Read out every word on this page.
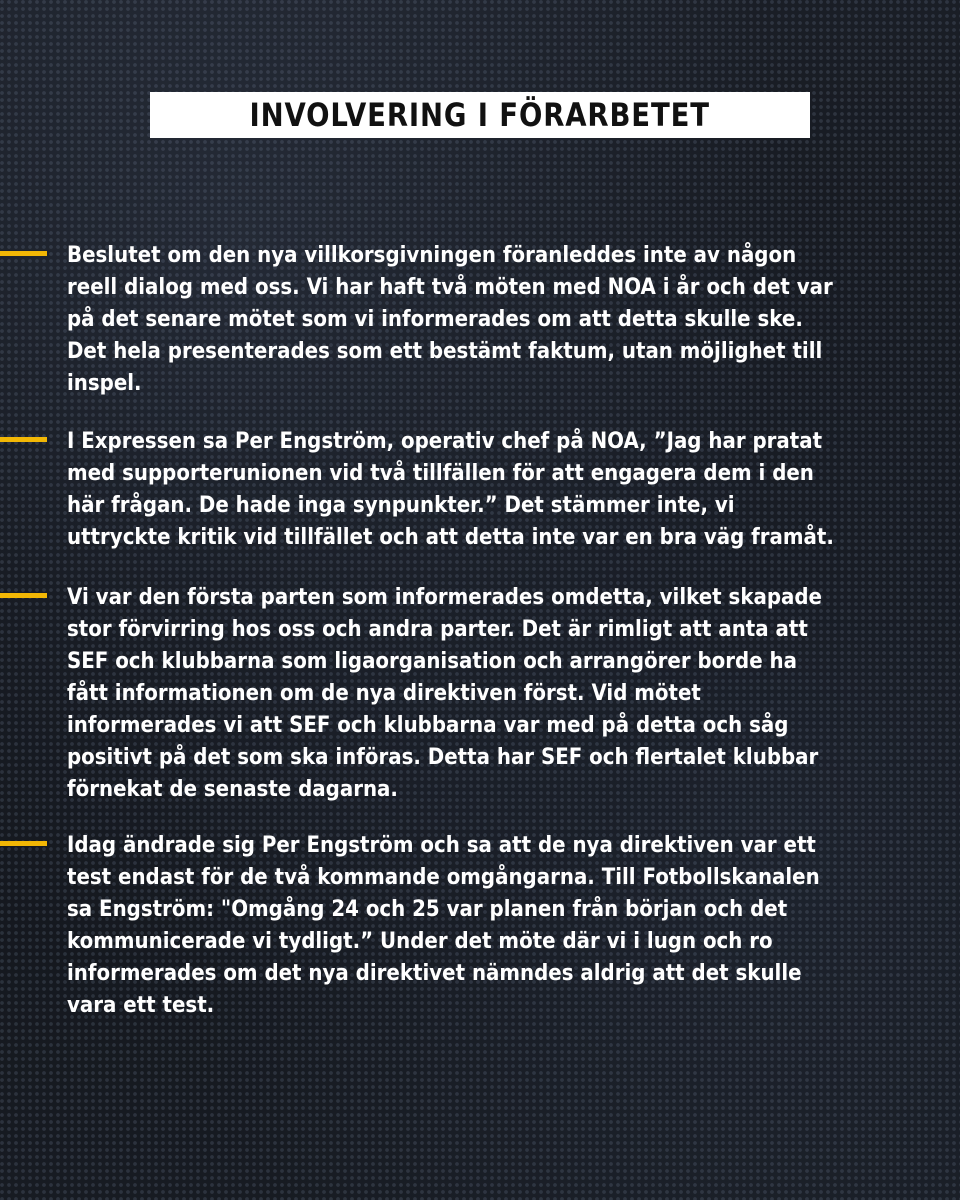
INVOLVERING I FÖRARBETET

Beslutet om den nya villkorsgivningen föranleddes inte av någon
reell dialog med oss. Vi har haft två möten med NOA i år och det var
på det senare mötet som vi informerades om att detta skulle ske.
Det hela presenterades som ett bestämt faktum, utan möjlighet till
inspel.

I Expressen sa Per Engström, operativ chef på NOA, ”Jag har pratat
med supporterunionen vid två tillfällen för att engagera dem i den
här frågan. De hade inga synpunkter.” Det stämmer inte, vi
uttryckte kritik vid tillfället och att detta inte var en bra väg framåt.

Vi var den första parten som informerades omdetta, vilket skapade
stor förvirring hos oss och andra parter. Det är rimligt att anta att
SEF och klubbarna som ligaorganisation och arrangörer borde ha
fått informationen om de nya direktiven först. Vid mötet
informerades vi att SEF och klubbarna var med på detta och såg
positivt på det som ska införas. Detta har SEF och flertalet klubbar
förnekat de senaste dagarna.

Idag ändrade sig Per Engström och sa att de nya direktiven var ett
test endast för de två kommande omgångarna. Till Fotbollskanalen
sa Engström: "Omgång 24 och 25 var planen från början och det
kommunicerade vi tydligt.” Under det möte där vi i lugn och ro
informerades om det nya direktivet nämndes aldrig att det skulle
vara ett test.
